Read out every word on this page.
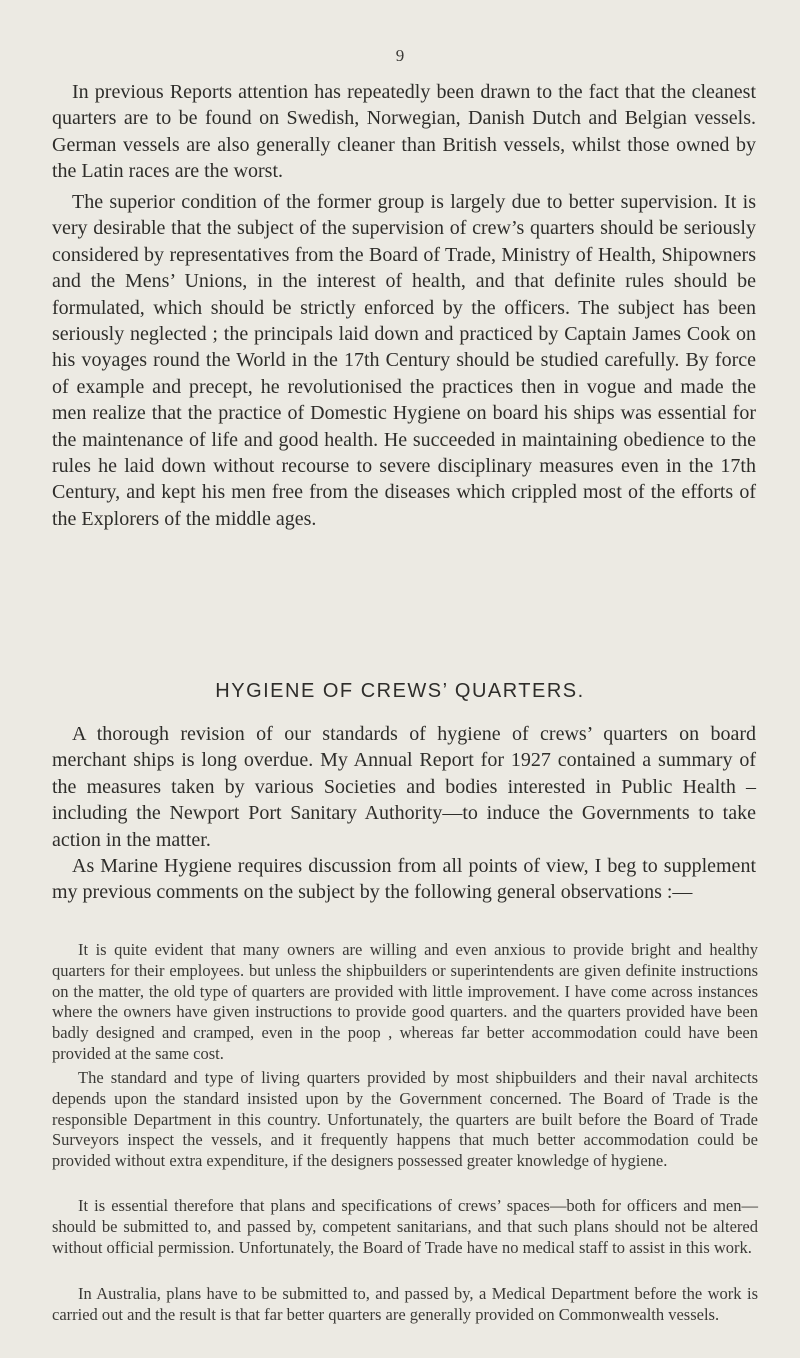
9

In previous Reports attention has repeatedly been drawn to the fact that the cleanest quarters are to be found on Swedish, Norwegian, Danish Dutch and Belgian vessels. German vessels are also generally cleaner than British vessels, whilst those owned by the Latin races are the worst.

The superior condition of the former group is largely due to better supervision. It is very desirable that the subject of the supervision of crew’s quarters should be seriously considered by representatives from the Board of Trade, Ministry of Health, Shipowners and the Mens’ Unions, in the interest of health, and that definite rules should be formulated, which should be strictly enforced by the officers. The subject has been seriously neglected ; the principals laid down and practiced by Captain James Cook on his voyages round the World in the 17th Century should be studied carefully. By force of example and precept, he revolutionised the practices then in vogue and made the men realize that the practice of Domestic Hygiene on board his ships was essential for the maintenance of life and good health. He succeeded in maintaining obedience to the rules he laid down without recourse to severe disciplinary measures even in the 17th Century, and kept his men free from the diseases which crippled most of the efforts of the Explorers of the middle ages.

HYGIENE OF CREWS’ QUARTERS.

A thorough revision of our standards of hygiene of crews’ quarters on board merchant ships is long overdue. My Annual Report for 1927 contained a summary of the measures taken by various Societies and bodies interested in Public Health – including the Newport Port Sanitary Authority—to induce the Governments to take action in the matter.

As Marine Hygiene requires discussion from all points of view, I beg to supplement my previous comments on the subject by the following general observations :—

It is quite evident that many owners are willing and even anxious to provide bright and healthy quarters for their employees. but unless the shipbuilders or superintendents are given definite instructions on the matter, the old type of quarters are provided with little improvement. I have come across instances where the owners have given instructions to provide good quarters. and the quarters provided have been badly designed and cramped, even in the poop , whereas far better accommodation could have been provided at the same cost.

The standard and type of living quarters provided by most shipbuilders and their naval architects depends upon the standard insisted upon by the Government concerned. The Board of Trade is the responsible Department in this country. Unfortunately, the quarters are built before the Board of Trade Surveyors inspect the vessels, and it frequently happens that much better accommodation could be provided without extra expenditure, if the designers possessed greater knowledge of hygiene.

It is essential therefore that plans and specifications of crews’ spaces—both for officers and men—should be submitted to, and passed by, competent sanitarians, and that such plans should not be altered without official permission. Unfortunately, the Board of Trade have no medical staff to assist in this work.

In Australia, plans have to be submitted to, and passed by, a Medical Department before the work is carried out and the result is that far better quarters are generally provided on Commonwealth vessels.
